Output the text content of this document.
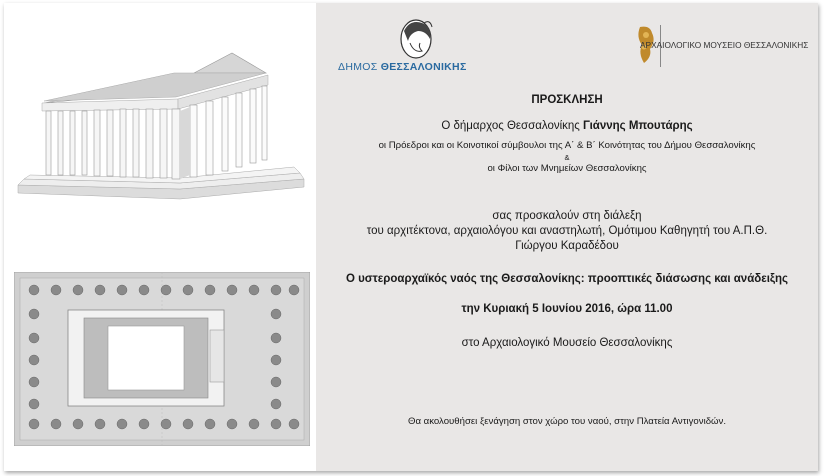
ΔΗΜΟΣ ΘΕΣΣΑΛΟΝΙΚΗΣ
ΑΡΧΑΙΟΛΟΓΙΚΟ ΜΟΥΣΕΙΟ ΘΕΣΣΑΛΟΝΙΚΗΣ
ΠΡΟΣΚΛΗΣΗ
Ο δήμαρχος Θεσσαλονίκης Γιάννης Μπουτάρης
οι Πρόεδροι και οι Κοινοτικοί σύμβουλοι της Α΄ & Β΄ Κοινότητας του Δήμου Θεσσαλονίκης
&
οι Φίλοι των Μνημείων Θεσσαλονίκης
σας προσκαλούν στη διάλεξη
του αρχιτέκτονα, αρχαιολόγου και αναστηλωτή, Ομότιμου Καθηγητή του Α.Π.Θ.
Γιώργου Καραδέδου
Ο υστεροαρχαϊκός ναός της Θεσσαλονίκης: προοπτικές διάσωσης και ανάδειξης
την Κυριακή 5 Ιουνίου 2016, ώρα 11.00
στο Αρχαιολογικό Μουσείο Θεσσαλονίκης
Θα ακολουθήσει ξενάγηση στον χώρο του ναού, στην Πλατεία Αντιγονιδών.
